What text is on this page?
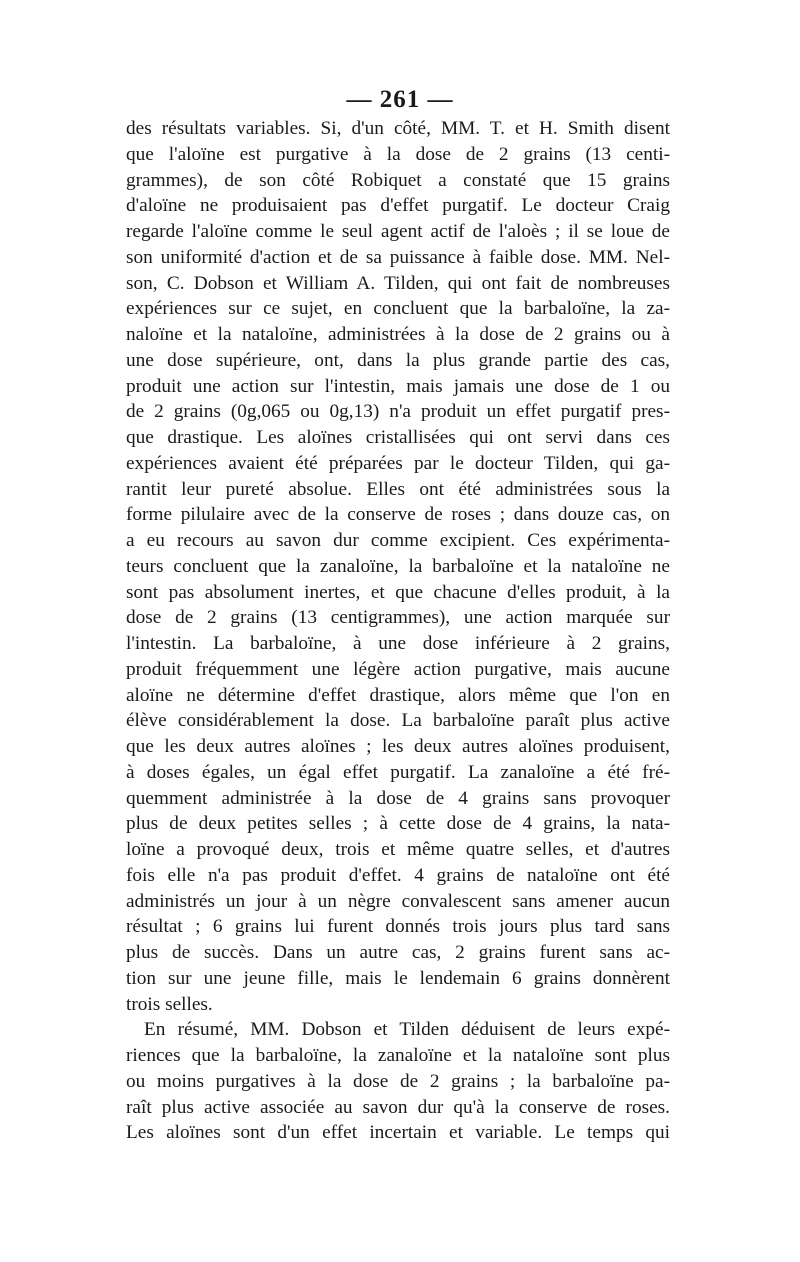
— 261 —
des résultats variables. Si, d'un côté, MM. T. et H. Smith disent
que l'aloïne est purgative à la dose de 2 grains (13 centi-
grammes), de son côté Robiquet a constaté que 15 grains
d'aloïne ne produisaient pas d'effet purgatif. Le docteur Craig
regarde l'aloïne comme le seul agent actif de l'aloès ; il se loue de
son uniformité d'action et de sa puissance à faible dose. MM. Nel-
son, C. Dobson et William A. Tilden, qui ont fait de nombreuses
expériences sur ce sujet, en concluent que la barbaloïne, la za-
naloïne et la nataloïne, administrées à la dose de 2 grains ou à
une dose supérieure, ont, dans la plus grande partie des cas,
produit une action sur l'intestin, mais jamais une dose de 1 ou
de 2 grains (0g,065 ou 0g,13) n'a produit un effet purgatif pres-
que drastique. Les aloïnes cristallisées qui ont servi dans ces
expériences avaient été préparées par le docteur Tilden, qui ga-
rantit leur pureté absolue. Elles ont été administrées sous la
forme pilulaire avec de la conserve de roses ; dans douze cas, on
a eu recours au savon dur comme excipient. Ces expérimenta-
teurs concluent que la zanaloïne, la barbaloïne et la nataloïne ne
sont pas absolument inertes, et que chacune d'elles produit, à la
dose de 2 grains (13 centigrammes), une action marquée sur
l'intestin. La barbaloïne, à une dose inférieure à 2 grains,
produit fréquemment une légère action purgative, mais aucune
aloïne ne détermine d'effet drastique, alors même que l'on en
élève considérablement la dose. La barbaloïne paraît plus active
que les deux autres aloïnes ; les deux autres aloïnes produisent,
à doses égales, un égal effet purgatif. La zanaloïne a été fré-
quemment administrée à la dose de 4 grains sans provoquer
plus de deux petites selles ; à cette dose de 4 grains, la nata-
loïne a provoqué deux, trois et même quatre selles, et d'autres
fois elle n'a pas produit d'effet. 4 grains de nataloïne ont été
administrés un jour à un nègre convalescent sans amener aucun
résultat ; 6 grains lui furent donnés trois jours plus tard sans
plus de succès. Dans un autre cas, 2 grains furent sans ac-
tion sur une jeune fille, mais le lendemain 6 grains donnèrent
trois selles.
En résumé, MM. Dobson et Tilden déduisent de leurs expé-
riences que la barbaloïne, la zanaloïne et la nataloïne sont plus
ou moins purgatives à la dose de 2 grains ; la barbaloïne pa-
raît plus active associée au savon dur qu'à la conserve de roses.
Les aloïnes sont d'un effet incertain et variable. Le temps qui
